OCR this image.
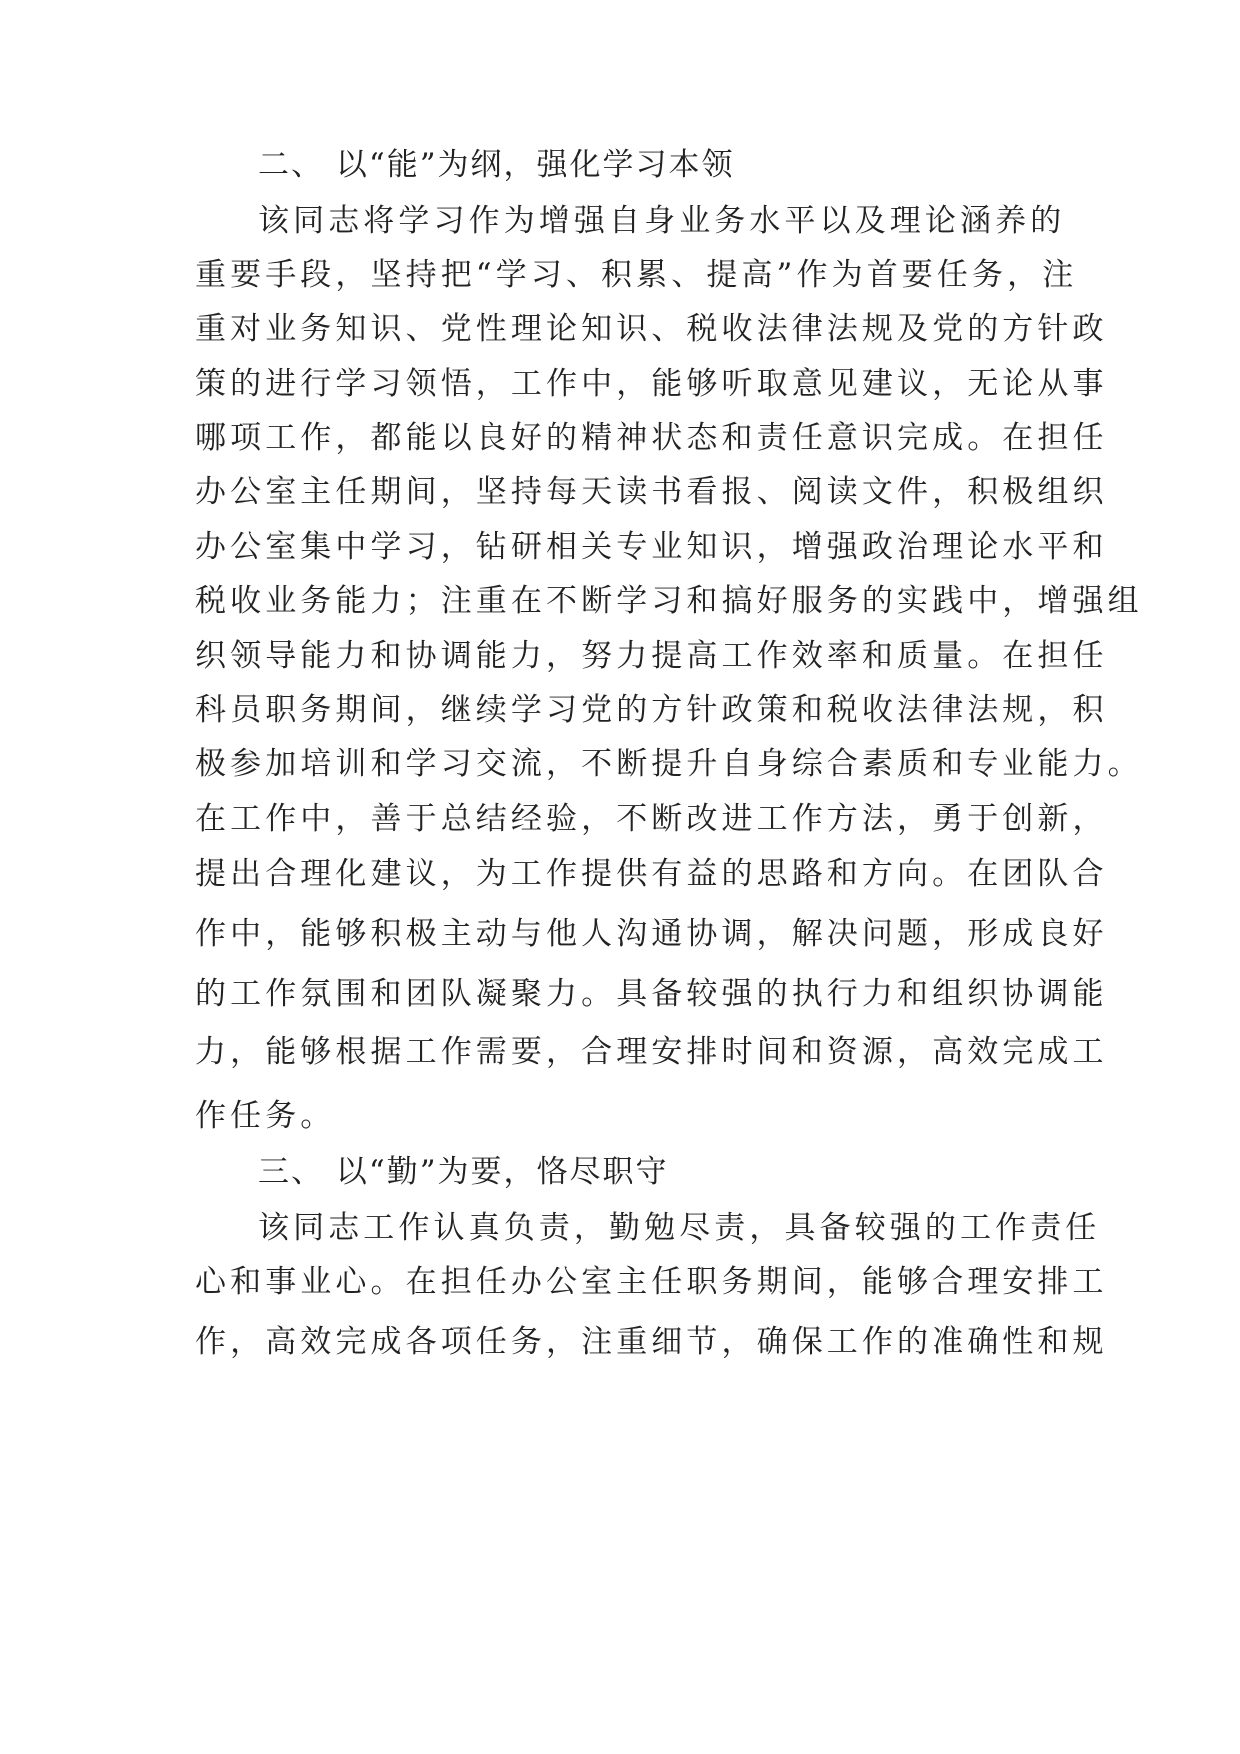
二、 以“能”为纲，强化学习本领
该同志将学习作为增强自身业务水平以及理论涵养的
重要手段，坚持把“学习、积累、提高”作为首要任务，注
重对业务知识、党性理论知识、税收法律法规及党的方针政
策的进行学习领悟，工作中，能够听取意见建议，无论从事
哪项工作，都能以良好的精神状态和责任意识完成。在担任
办公室主任期间，坚持每天读书看报、阅读文件，积极组织
办公室集中学习，钻研相关专业知识，增强政治理论水平和
税收业务能力；注重在不断学习和搞好服务的实践中，增强组
织领导能力和协调能力，努力提高工作效率和质量。在担任
科员职务期间，继续学习党的方针政策和税收法律法规，积
极参加培训和学习交流，不断提升自身综合素质和专业能力。
在工作中，善于总结经验，不断改进工作方法，勇于创新，
提出合理化建议，为工作提供有益的思路和方向。在团队合
作中，能够积极主动与他人沟通协调，解决问题，形成良好
的工作氛围和团队凝聚力。具备较强的执行力和组织协调能
力，能够根据工作需要，合理安排时间和资源，高效完成工
作任务。
三、 以“勤”为要，恪尽职守
该同志工作认真负责，勤勉尽责，具备较强的工作责任
心和事业心。在担任办公室主任职务期间，能够合理安排工
作，高效完成各项任务，注重细节，确保工作的准确性和规
